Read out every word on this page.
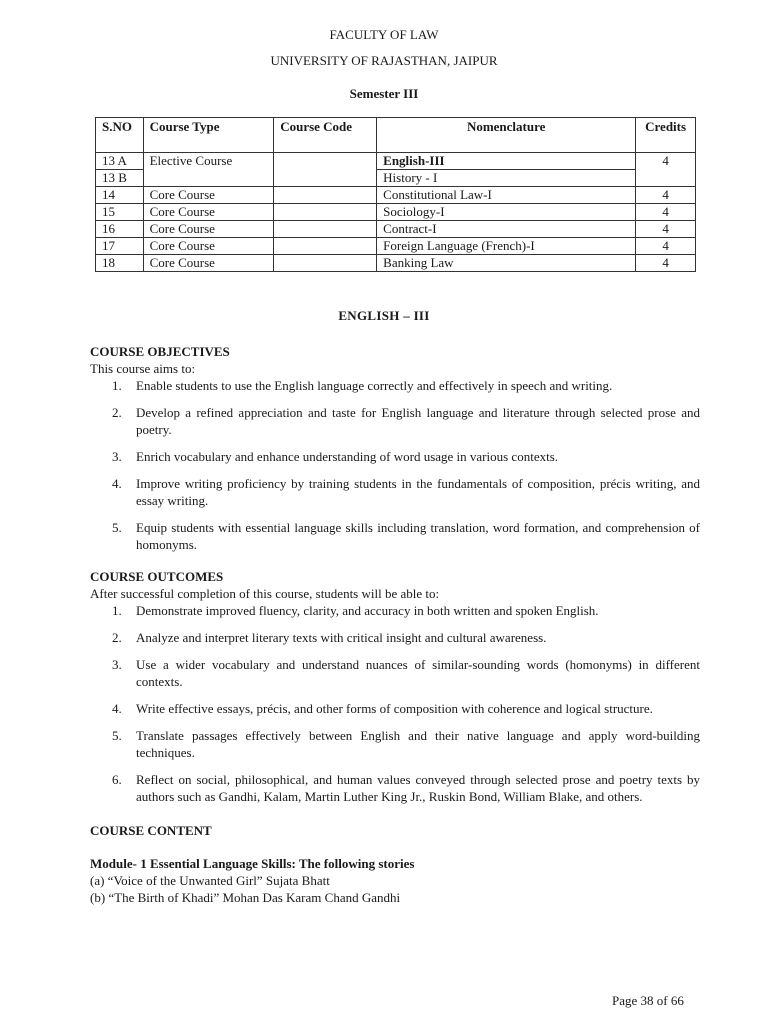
FACULTY OF LAW
UNIVERSITY OF RAJASTHAN, JAIPUR
Semester III
S.NO	Course Type	Course Code	Nomenclature	Credits
13 A	Elective Course		English-III	4
13 B			History - I	
14	Core Course		Constitutional Law-I	4
15	Core Course		Sociology-I	4
16	Core Course		Contract-I	4
17	Core Course		Foreign Language (French)-I	4
18	Core Course		Banking Law	4
ENGLISH – III
COURSE OBJECTIVES
This course aims to:
1. Enable students to use the English language correctly and effectively in speech and writing.
2. Develop a refined appreciation and taste for English language and literature through selected prose and poetry.
3. Enrich vocabulary and enhance understanding of word usage in various contexts.
4. Improve writing proficiency by training students in the fundamentals of composition, précis writing, and essay writing.
5. Equip students with essential language skills including translation, word formation, and comprehension of homonyms.
COURSE OUTCOMES
After successful completion of this course, students will be able to:
1. Demonstrate improved fluency, clarity, and accuracy in both written and spoken English.
2. Analyze and interpret literary texts with critical insight and cultural awareness.
3. Use a wider vocabulary and understand nuances of similar-sounding words (homonyms) in different contexts.
4. Write effective essays, précis, and other forms of composition with coherence and logical structure.
5. Translate passages effectively between English and their native language and apply word-building techniques.
6. Reflect on social, philosophical, and human values conveyed through selected prose and poetry texts by authors such as Gandhi, Kalam, Martin Luther King Jr., Ruskin Bond, William Blake, and others.
COURSE CONTENT
Module- 1 Essential Language Skills: The following stories
(a) “Voice of the Unwanted Girl” Sujata Bhatt
(b) “The Birth of Khadi” Mohan Das Karam Chand Gandhi
Page 38 of 66
